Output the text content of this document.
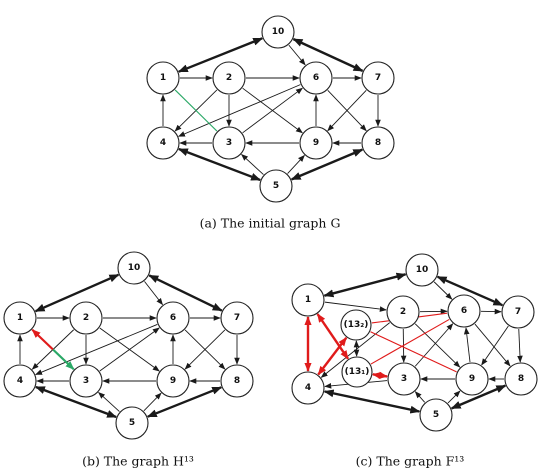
10
1	2	6	7
4	3	9	8
5
10
1	2	6	7
4	3	9	8
5
10
1
2	6	7
4
3	9	8
5
(13₂)
(13₁)
(a) The initial graph G
(b) The graph H¹³	(c) The graph F¹³
